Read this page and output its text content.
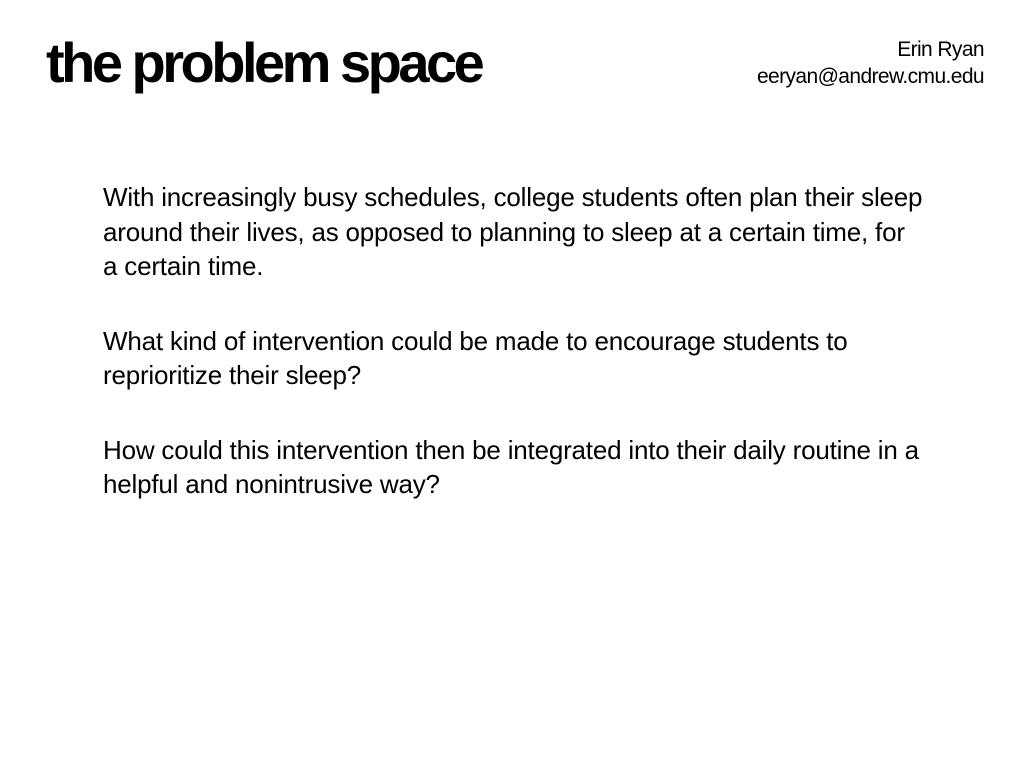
the problem space	Erin Ryan
eeryan@andrew.cmu.edu

With increasingly busy schedules, college students often plan their sleep around their lives, as opposed to planning to sleep at a certain time, for a certain time.

What kind of intervention could be made to encourage students to reprioritize their sleep?

How could this intervention then be integrated into their daily routine in a helpful and nonintrusive way?
